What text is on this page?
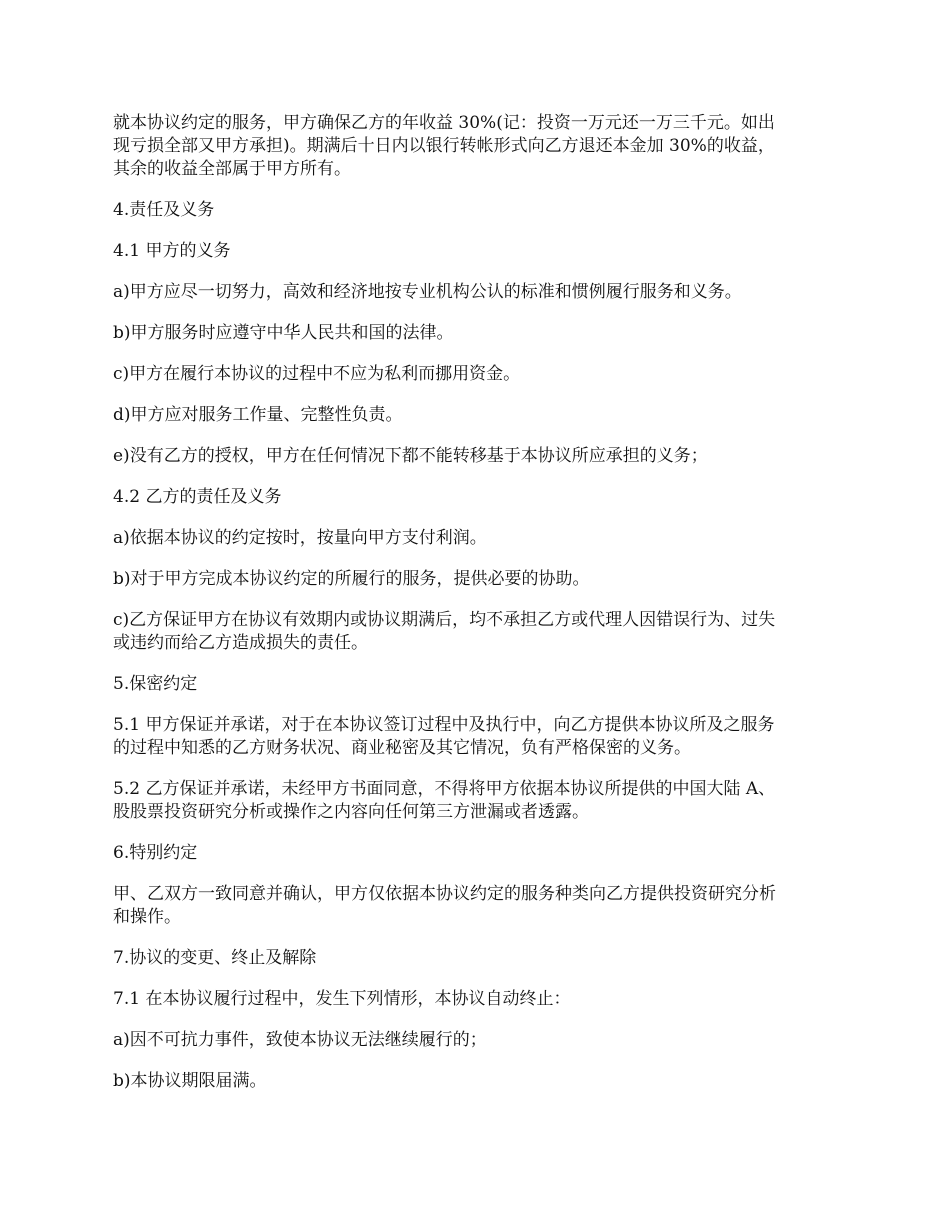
就本协议约定的服务，甲方确保乙方的年收益 30%(记：投资一万元还一万三千元。如出
现亏损全部又甲方承担)。期满后十日内以银行转帐形式向乙方退还本金加 30%的收益，
其余的收益全部属于甲方所有。

4.责任及义务

4.1 甲方的义务

a)甲方应尽一切努力，高效和经济地按专业机构公认的标准和惯例履行服务和义务。

b)甲方服务时应遵守中华人民共和国的法律。

c)甲方在履行本协议的过程中不应为私利而挪用资金。

d)甲方应对服务工作量、完整性负责。

e)没有乙方的授权，甲方在任何情况下都不能转移基于本协议所应承担的义务；

4.2 乙方的责任及义务

a)依据本协议的约定按时，按量向甲方支付利润。

b)对于甲方完成本协议约定的所履行的服务，提供必要的协助。

c)乙方保证甲方在协议有效期内或协议期满后，均不承担乙方或代理人因错误行为、过失
或违约而给乙方造成损失的责任。

5.保密约定

5.1 甲方保证并承诺，对于在本协议签订过程中及执行中，向乙方提供本协议所及之服务
的过程中知悉的乙方财务状况、商业秘密及其它情况，负有严格保密的义务。

5.2 乙方保证并承诺，未经甲方书面同意，不得将甲方依据本协议所提供的中国大陆 A、
股股票投资研究分析或操作之内容向任何第三方泄漏或者透露。

6.特别约定

甲、乙双方一致同意并确认，甲方仅依据本协议约定的服务种类向乙方提供投资研究分析
和操作。

7.协议的变更、终止及解除

7.1 在本协议履行过程中，发生下列情形，本协议自动终止：

a)因不可抗力事件，致使本协议无法继续履行的；

b)本协议期限届满。
